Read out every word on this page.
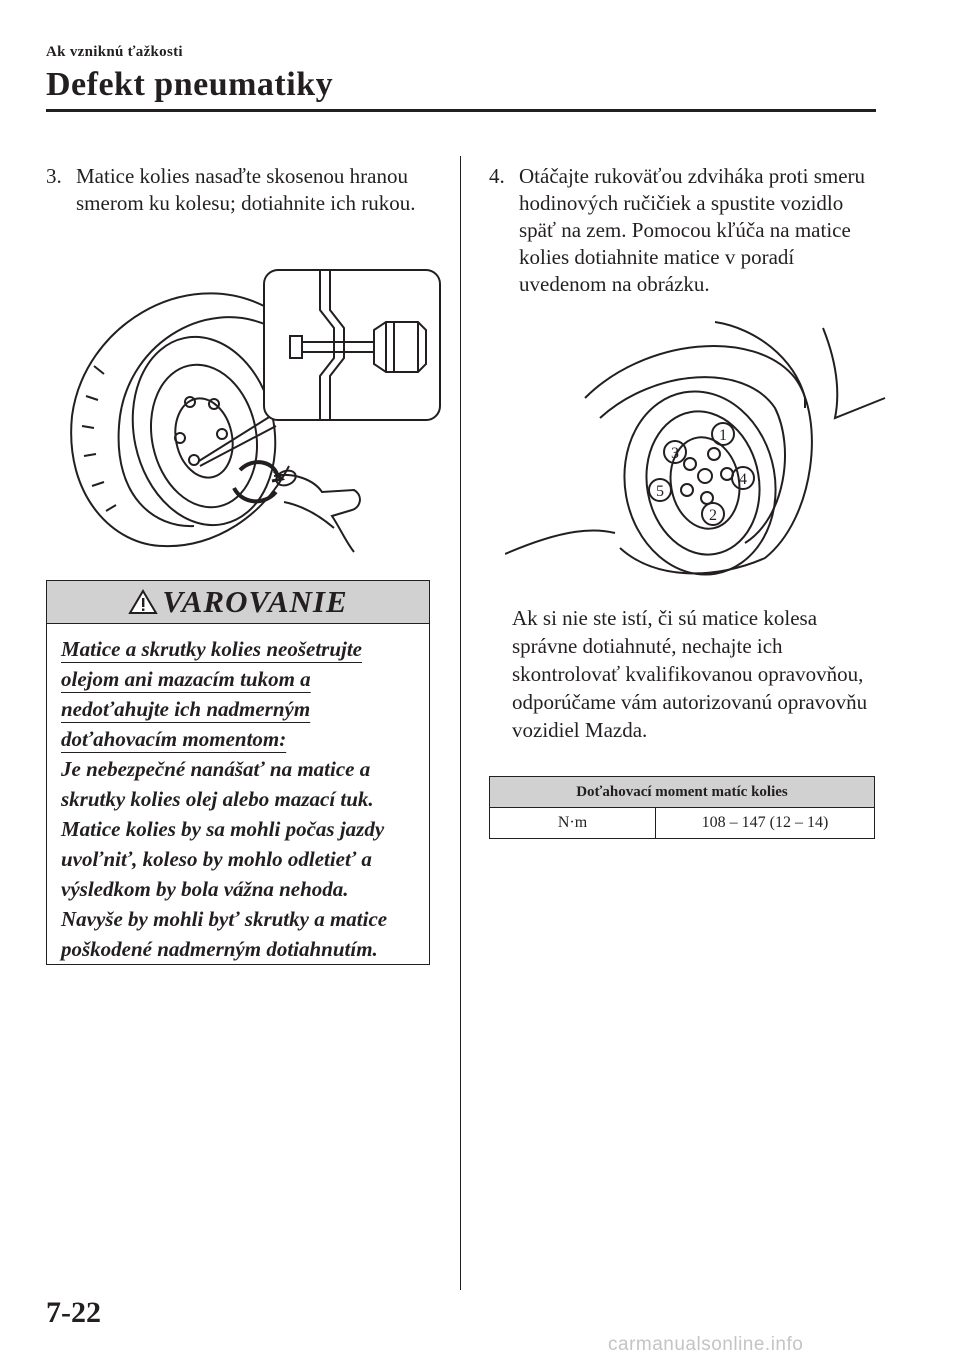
Ak vzniknú ťažkosti
Defekt pneumatiky
3. Matice kolies nasaďte skosenou hranou smerom ku kolesu; dotiahnite ich rukou.
VAROVANIE
Matice a skrutky kolies neošetrujte
olejom ani mazacím tukom a
nedoťahujte ich nadmerným
doťahovacím momentom:
Je nebezpečné nanášať na matice a skrutky kolies olej alebo mazací tuk. Matice kolies by sa mohli počas jazdy uvoľniť, koleso by mohlo odletieť a výsledkom by bola vážna nehoda. Navyše by mohli byť skrutky a matice poškodené nadmerným dotiahnutím.
4. Otáčajte rukoväťou zdviháka proti smeru hodinových ručičiek a spustite vozidlo späť na zem. Pomocou kľúča na matice kolies dotiahnite matice v poradí uvedenom na obrázku.
1
2
3
4
5
Ak si nie ste istí, či sú matice kolesa správne dotiahnuté, nechajte ich skontrolovať kvalifikovanou opravovňou, odporúčame vám autorizovanú opravovňu vozidiel Mazda.
Doťahovací moment matíc kolies
N·m	108 – 147 (12 – 14)
7-22
carmanualsonline.info
